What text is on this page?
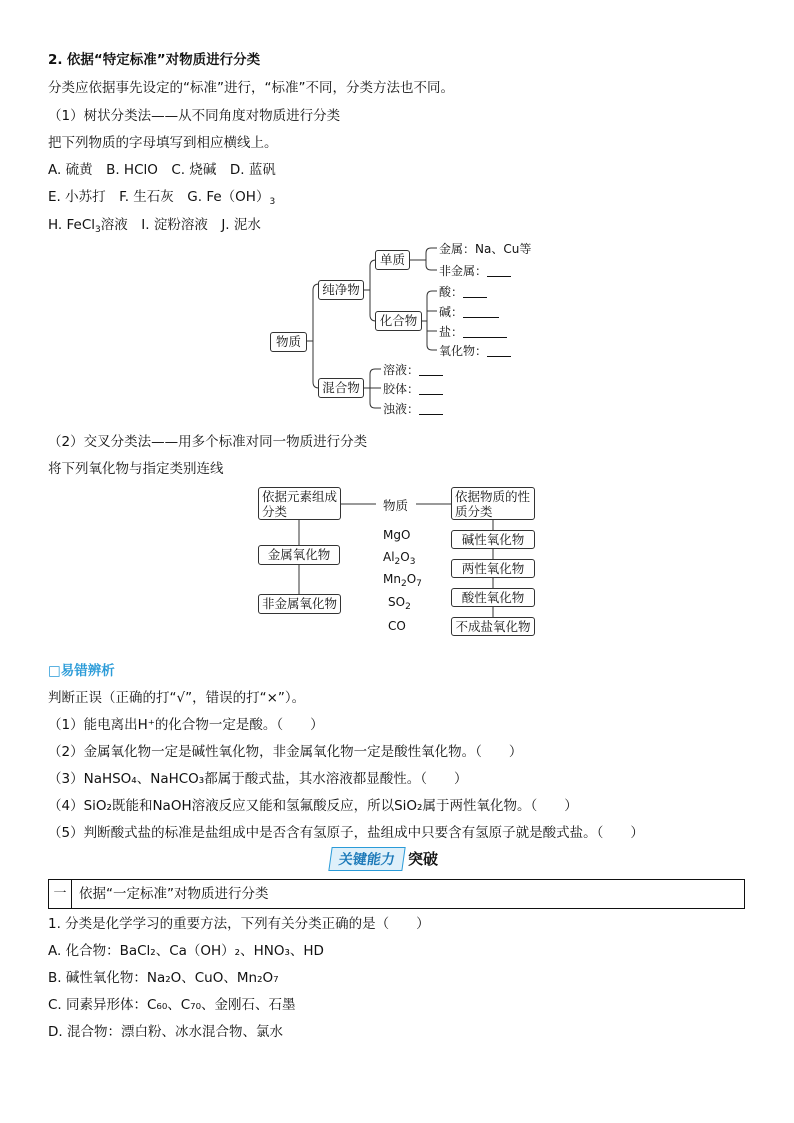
2. 依据“特定标准”对物质进行分类
分类应依据事先设定的“标准”进行，“标准”不同，分类方法也不同。
（1）树状分类法——从不同角度对物质进行分类
把下列物质的字母填写到相应横线上。
A. 硫黄　B. HClO　C. 烧碱　D. 蓝矾
E. 小苏打　F. 生石灰　G. $Fe(OH)_3$
H. FeCl$_3$溶液　I. 淀粉溶液　J. 泥水
物质
纯净物
混合物
单质
化合物
金属：Na、Cu等
非金属：
酸：
碱：
盐：
氧化物：
溶液：
胶体：
浊液：
（2）交叉分类法——用多个标准对同一物质进行分类
将下列氧化物与指定类别连线
依据元素组成分类	物质
依据物质的性质分类
金属氧化物
非金属氧化物
MgO
$Al_2O_3$
$Mn_2O_7$
$SO_2$
CO
碱性氧化物
两性氧化物
酸性氧化物
不成盐氧化物
□易错辨析
判断正误（正确的打“√”，错误的打“×”）。
（1）能电离出H⁺的化合物一定是酸。（　　）
（2）金属氧化物一定是碱性氧化物，非金属氧化物一定是酸性氧化物。（　　）
（3）NaHSO₄、NaHCO₃都属于酸式盐，其水溶液都显酸性。（　　）
（4）SiO₂既能和NaOH溶液反应又能和氢氟酸反应，所以SiO₂属于两性氧化物。（　　）
（5）判断酸式盐的标准是盐组成中是否含有氢原子，盐组成中只要含有氢原子就是酸式盐。（　　）
关键能力 突破
一 依据“一定标准”对物质进行分类
1. 分类是化学学习的重要方法，下列有关分类正确的是（　　）
A. 化合物：BaCl₂、Ca（OH）₂、HNO₃、HD
B. 碱性氧化物：Na₂O、CuO、Mn₂O₇
C. 同素异形体：C₆₀、C₇₀、金刚石、石墨
D. 混合物：漂白粉、冰水混合物、氯水
